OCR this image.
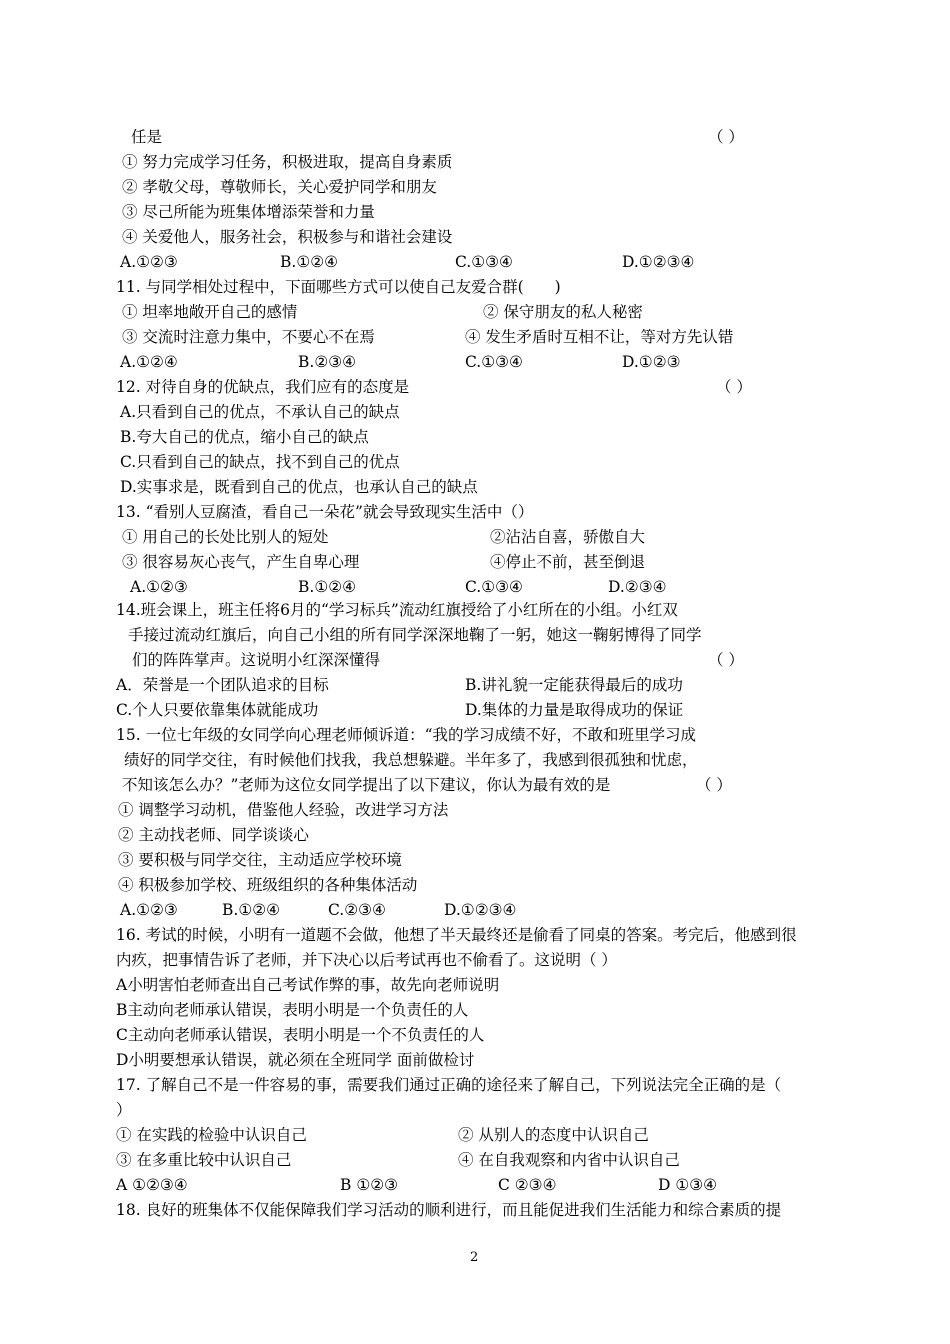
任是	（ ）
① 努力完成学习任务，积极进取，提高自身素质
② 孝敬父母，尊敬师长，关心爱护同学和朋友
③ 尽己所能为班集体增添荣誉和力量
④ 关爱他人，服务社会，积极参与和谐社会建设
A.①②③	B.①②④	C.①③④	D.①②③④
11. 与同学相处过程中，下面哪些方式可以使自己友爱合群(　　)
① 坦率地敞开自己的感情	② 保守朋友的私人秘密
③ 交流时注意力集中，不要心不在焉	④ 发生矛盾时互相不让，等对方先认错
A.①②④	B.②③④	C.①③④	D.①②③
12. 对待自身的优缺点，我们应有的态度是	（ ）
A.只看到自己的优点，不承认自己的缺点
B.夸大自己的优点，缩小自己的缺点
C.只看到自己的缺点，找不到自己的优点
D.实事求是，既看到自己的优点，也承认自己的缺点
13. “看别人豆腐渣，看自己一朵花”就会导致现实生活中（）
① 用自己的长处比别人的短处	②沾沾自喜，骄傲自大
③ 很容易灰心丧气，产生自卑心理	④停止不前，甚至倒退
A.①②③	B.①②④	C.①③④	D.②③④
14.班会课上，班主任将6月的“学习标兵”流动红旗授给了小红所在的小组。小红双
手接过流动红旗后，向自己小组的所有同学深深地鞠了一躬，她这一鞠躬博得了同学
们的阵阵掌声。这说明小红深深懂得	（ ）
A．荣誉是一个团队追求的目标	B.讲礼貌一定能获得最后的成功
C.个人只要依靠集体就能成功	D.集体的力量是取得成功的保证
15. 一位七年级的女同学向心理老师倾诉道：“我的学习成绩不好，不敢和班里学习成
绩好的同学交往，有时候他们找我，我总想躲避。半年多了，我感到很孤独和忧虑，
不知该怎么办？”老师为这位女同学提出了以下建议，你认为最有效的是	（ ）
① 调整学习动机，借鉴他人经验，改进学习方法
② 主动找老师、同学谈谈心
③ 要积极与同学交往，主动适应学校环境
④ 积极参加学校、班级组织的各种集体活动
A.①②③	B.①②④	C.②③④	D.①②③④
16. 考试的时候，小明有一道题不会做，他想了半天最终还是偷看了同桌的答案。考完后，他感到很
内疚，把事情告诉了老师，并下决心以后考试再也不偷看了。这说明（ ）
A小明害怕老师查出自己考试作弊的事，故先向老师说明
B主动向老师承认错误，表明小明是一个负责任的人
C主动向老师承认错误，表明小明是一个不负责任的人
D小明要想承认错误，就必须在全班同学 面前做检讨
17. 了解自己不是一件容易的事，需要我们通过正确的途径来了解自己，下列说法完全正确的是（
）
① 在实践的检验中认识自己	② 从别人的态度中认识自己
③ 在多重比较中认识自己	④ 在自我观察和内省中认识自己
A ①②③④	B ①②③	C ②③④	D ①③④
18. 良好的班集体不仅能保障我们学习活动的顺利进行，而且能促进我们生活能力和综合素质的提
2
